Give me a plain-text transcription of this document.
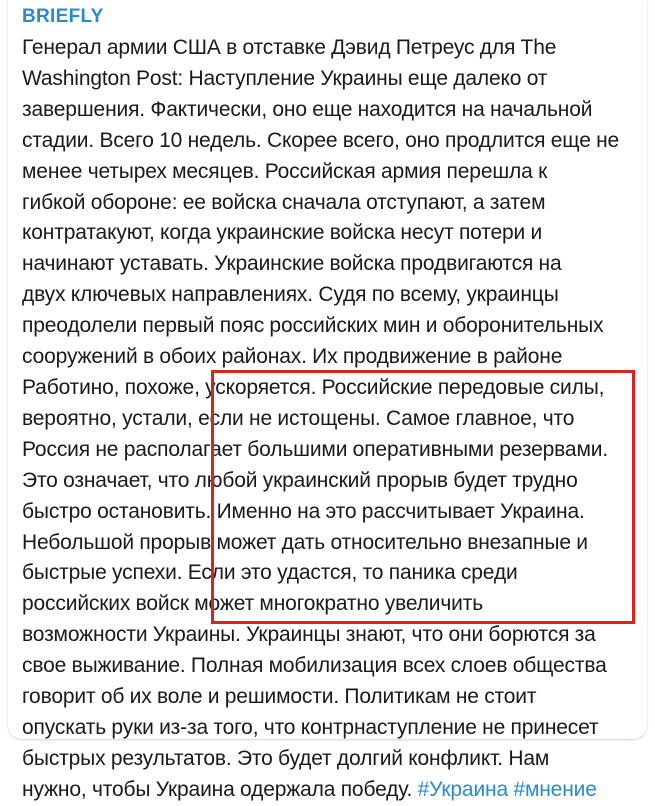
BRIEFLY
Генерал армии США в отставке Дэвид Петреус для The
Washington Post: Наступление Украины еще далеко от
завершения. Фактически, оно еще находится на начальной
стадии. Всего 10 недель. Скорее всего, оно продлится еще не
менее четырех месяцев. Российская армия перешла к
гибкой обороне: ее войска сначала отступают, а затем
контратакуют, когда украинские войска несут потери и
начинают уставать. Украинские войска продвигаются на
двух ключевых направлениях. Судя по всему, украинцы
преодолели первый пояс российских мин и оборонительных
сооружений в обоих районах. Их продвижение в районе
Работино, похоже, ускоряется. Российские передовые силы,
вероятно, устали, если не истощены. Самое главное, что
Россия не располагает большими оперативными резервами.
Это означает, что любой украинский прорыв будет трудно
быстро остановить. Именно на это рассчитывает Украина.
Небольшой прорыв может дать относительно внезапные и
быстрые успехи. Если это удастся, то паника среди
российских войск может многократно увеличить
возможности Украины. Украинцы знают, что они борются за
свое выживание. Полная мобилизация всех слоев общества
говорит об их воле и решимости. Политикам не стоит
опускать руки из-за того, что контрнаступление не принесет
быстрых результатов. Это будет долгий конфликт. Нам
нужно, чтобы Украина одержала победу. #Украина #мнение
